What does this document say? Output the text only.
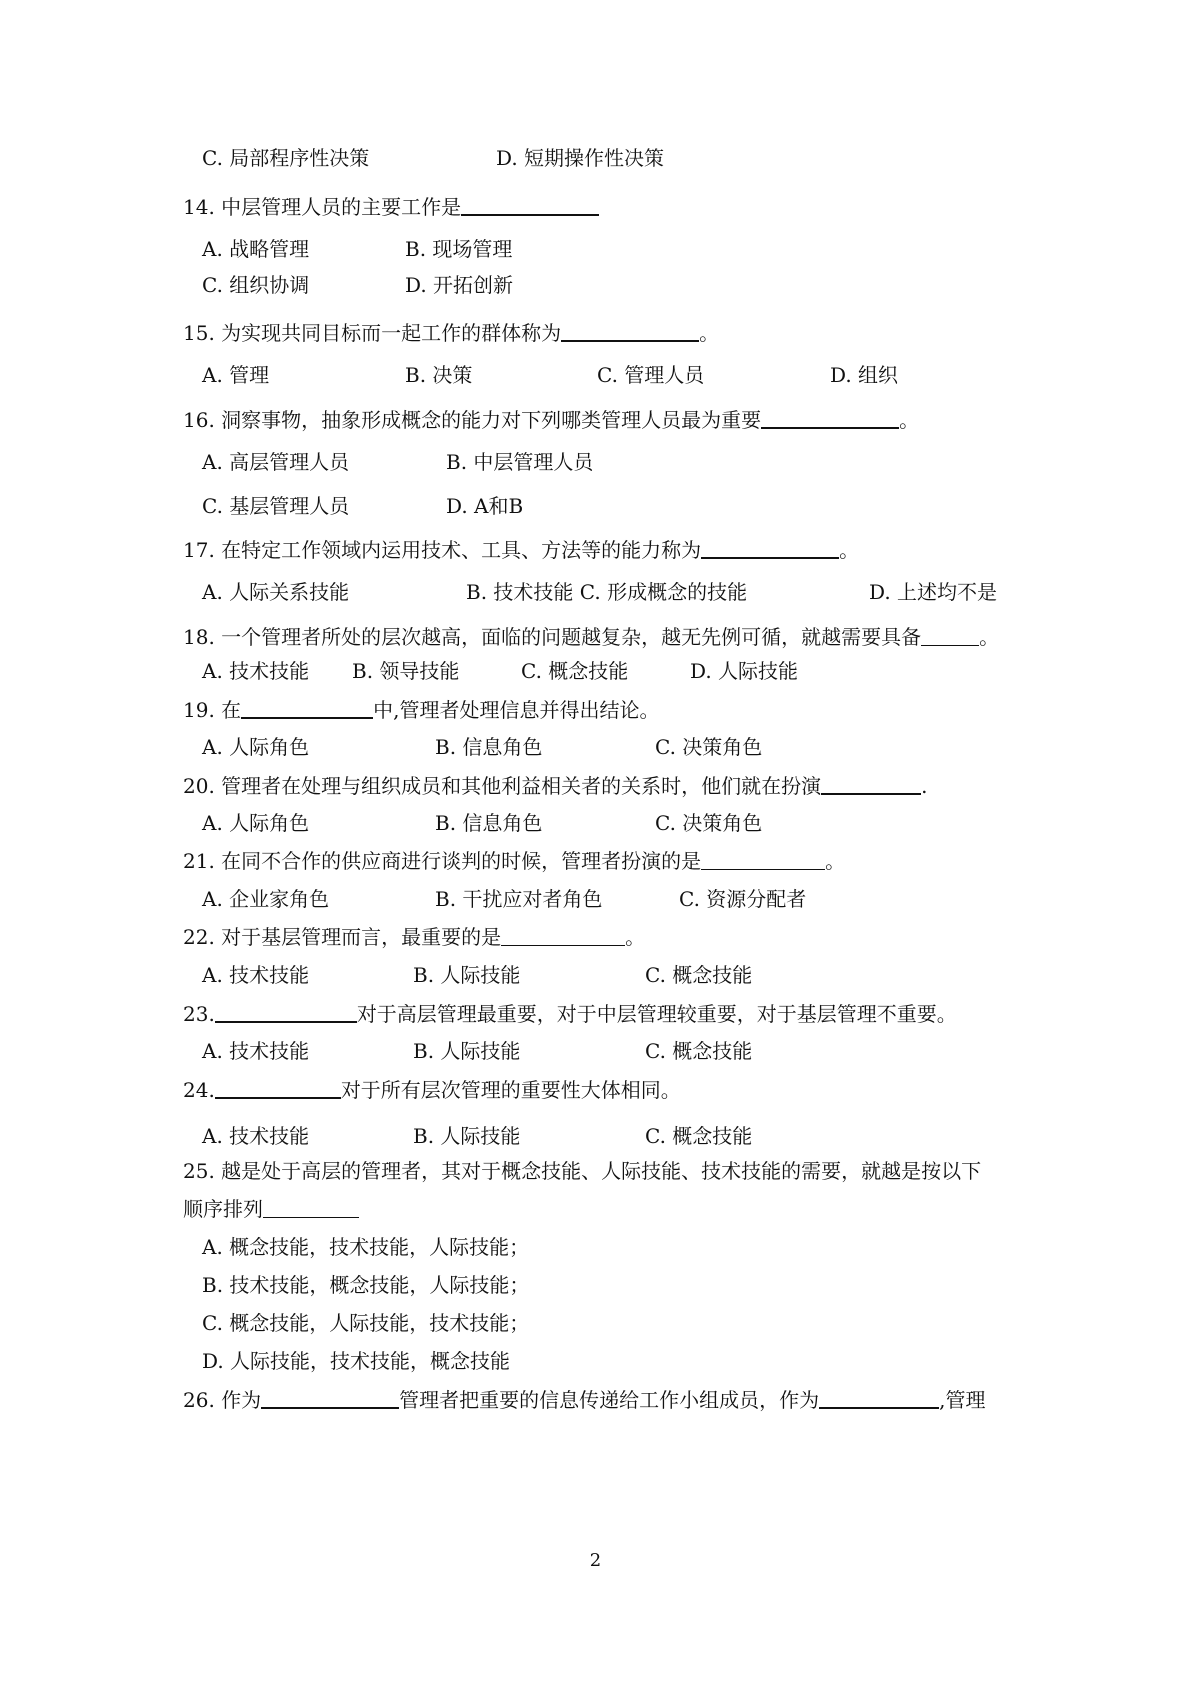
C. 局部程序性决策	D. 短期操作性决策
14. 中层管理人员的主要工作是
A. 战略管理	B. 现场管理
C. 组织协调	D. 开拓创新
15. 为实现共同目标而一起工作的群体称为	。
A. 管理	B. 决策	C. 管理人员	D. 组织
16. 洞察事物，抽象形成概念的能力对下列哪类管理人员最为重要	。
A. 高层管理人员	B. 中层管理人员
C. 基层管理人员	D. A和B
17. 在特定工作领域内运用技术、工具、方法等的能力称为	。
A. 人际关系技能	B. 技术技能 C. 形成概念的技能	D. 上述均不是
18. 一个管理者所处的层次越高，面临的问题越复杂，越无先例可循，就越需要具备	。
A. 技术技能 B. 领导技能	C. 概念技能	D. 人际技能
19. 在	中,管理者处理信息并得出结论。
A. 人际角色	B. 信息角色	C. 决策角色
20. 管理者在处理与组织成员和其他利益相关者的关系时，他们就在扮演	.
A. 人际角色	B. 信息角色	C. 决策角色
21. 在同不合作的供应商进行谈判的时候，管理者扮演的是	。
A. 企业家角色	B. 干扰应对者角色	C. 资源分配者
22. 对于基层管理而言，最重要的是	。
A. 技术技能	B. 人际技能	C. 概念技能
23.	对于高层管理最重要，对于中层管理较重要，对于基层管理不重要。
A. 技术技能	B. 人际技能	C. 概念技能
24.	对于所有层次管理的重要性大体相同。
A. 技术技能	B. 人际技能	C. 概念技能
25. 越是处于高层的管理者，其对于概念技能、人际技能、技术技能的需要，就越是按以下
顺序排列
A. 概念技能，技术技能，人际技能；
B. 技术技能，概念技能，人际技能；
C. 概念技能，人际技能，技术技能；
D. 人际技能，技术技能，概念技能
26. 作为	管理者把重要的信息传递给工作小组成员，作为	,管理
2
